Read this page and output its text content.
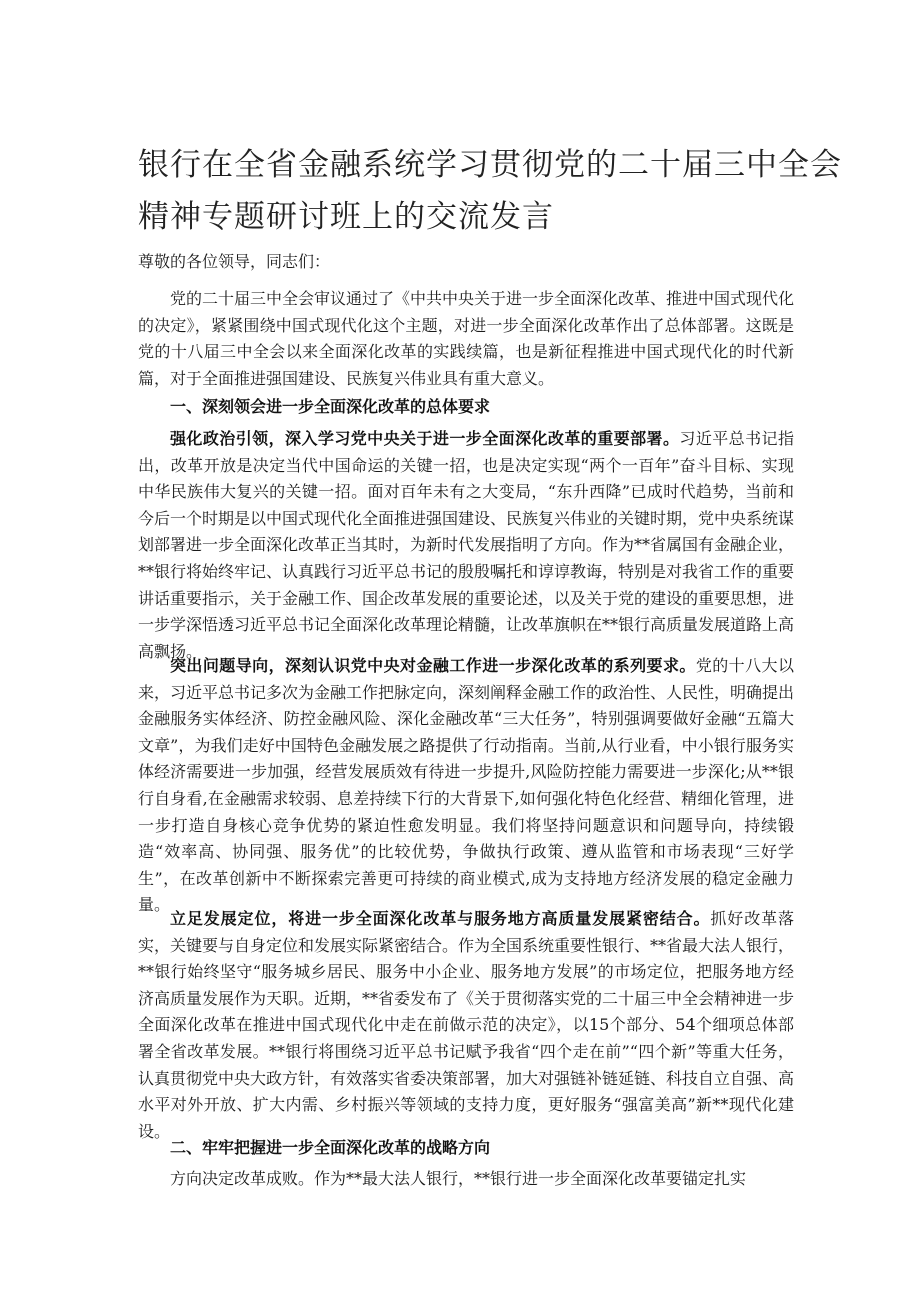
银行在全省金融系统学习贯彻党的二十届三中全会
精神专题研讨班上的交流发言

尊敬的各位领导，同志们：

党的二十届三中全会审议通过了《中共中央关于进一步全面深化改革、推进中国式现代化的决定》，紧紧围绕中国式现代化这个主题，对进一步全面深化改革作出了总体部署。这既是党的十八届三中全会以来全面深化改革的实践续篇，也是新征程推进中国式现代化的时代新篇，对于全面推进强国建设、民族复兴伟业具有重大意义。

一、深刻领会进一步全面深化改革的总体要求

强化政治引领，深入学习党中央关于进一步全面深化改革的重要部署。习近平总书记指出，改革开放是决定当代中国命运的关键一招，也是决定实现“两个一百年”奋斗目标、实现中华民族伟大复兴的关键一招。面对百年未有之大变局，“东升西降”已成时代趋势，当前和今后一个时期是以中国式现代化全面推进强国建设、民族复兴伟业的关键时期，党中央系统谋划部署进一步全面深化改革正当其时，为新时代发展指明了方向。作为**省属国有金融企业，**银行将始终牢记、认真践行习近平总书记的殷殷嘱托和谆谆教诲，特别是对我省工作的重要讲话重要指示，关于金融工作、国企改革发展的重要论述，以及关于党的建设的重要思想，进一步学深悟透习近平总书记全面深化改革理论精髓，让改革旗帜在**银行高质量发展道路上高高飘扬。

突出问题导向，深刻认识党中央对金融工作进一步深化改革的系列要求。党的十八大以来，习近平总书记多次为金融工作把脉定向，深刻阐释金融工作的政治性、人民性，明确提出金融服务实体经济、防控金融风险、深化金融改革“三大任务”，特别强调要做好金融“五篇大文章”，为我们走好中国特色金融发展之路提供了行动指南。当前,从行业看，中小银行服务实体经济需要进一步加强，经营发展质效有待进一步提升,风险防控能力需要进一步深化;从**银行自身看,在金融需求较弱、息差持续下行的大背景下,如何强化特色化经营、精细化管理，进一步打造自身核心竞争优势的紧迫性愈发明显。我们将坚持问题意识和问题导向，持续锻造“效率高、协同强、服务优”的比较优势，争做执行政策、遵从监管和市场表现“三好学生”，在改革创新中不断探索完善更可持续的商业模式,成为支持地方经济发展的稳定金融力量。

立足发展定位，将进一步全面深化改革与服务地方高质量发展紧密结合。抓好改革落实，关键要与自身定位和发展实际紧密结合。作为全国系统重要性银行、**省最大法人银行，**银行始终坚守“服务城乡居民、服务中小企业、服务地方发展”的市场定位，把服务地方经济高质量发展作为天职。近期，**省委发布了《关于贯彻落实党的二十届三中全会精神进一步全面深化改革在推进中国式现代化中走在前做示范的决定》，以15个部分、54个细项总体部署全省改革发展。**银行将围绕习近平总书记赋予我省“四个走在前”“四个新”等重大任务，认真贯彻党中央大政方针，有效落实省委决策部署，加大对强链补链延链、科技自立自强、高水平对外开放、扩大内需、乡村振兴等领域的支持力度，更好服务“强富美高”新**现代化建设。

二、牢牢把握进一步全面深化改革的战略方向

方向决定改革成败。作为**最大法人银行，**银行进一步全面深化改革要锚定扎实
